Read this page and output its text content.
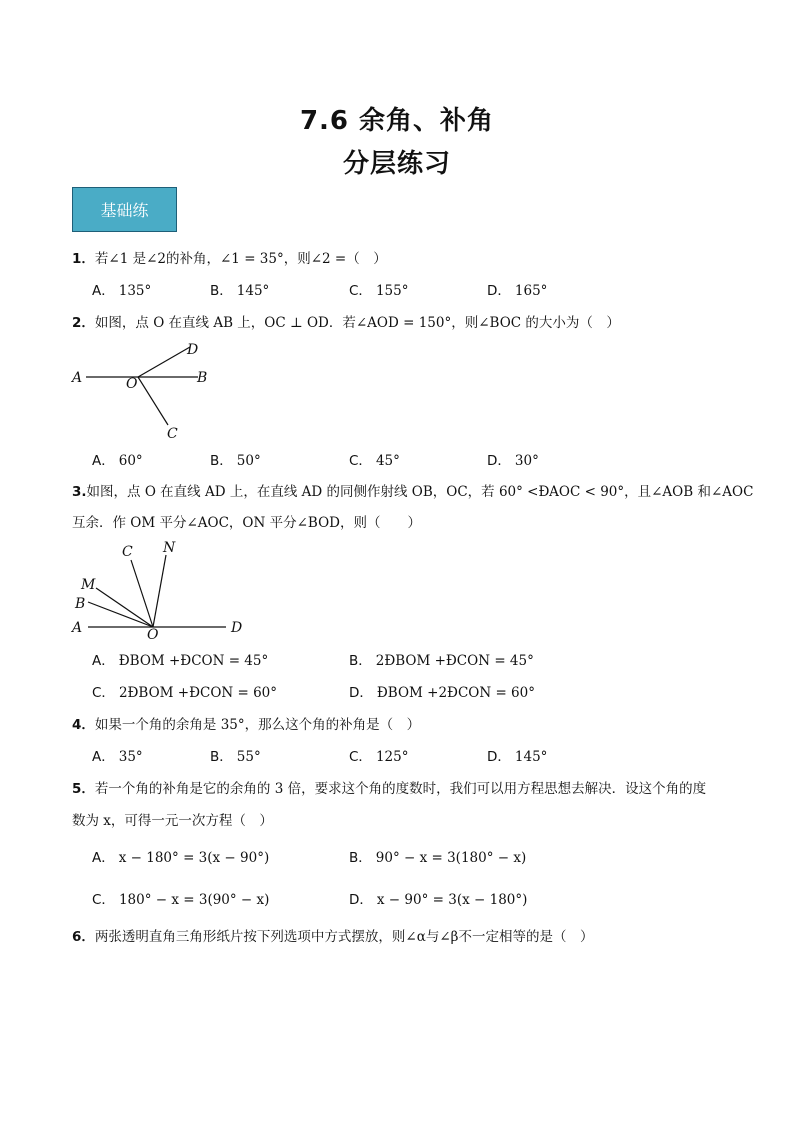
7.6 余角、补角
分层练习
基础练
1．若∠1 是∠2的补角，∠1 = 35°，则∠2 =（　）
A． 135°	B． 145°	C． 155°	D． 165°
2．如图，点 O 在直线 AB 上，OC ⊥ OD．若∠AOD = 150°，则∠BOC 的大小为（　）
A	B
O
D
C
A． 60°	B． 50°	C． 45°	D． 30°
3.如图，点 O 在直线 AD 上，在直线 AD 的同侧作射线 OB，OC，若 60° <ÐAOC < 90°，且∠AOB 和∠AOC
互余．作 OM 平分∠AOC，ON 平分∠BOD，则（　　）
C N
M
B
A	O	D
A． ÐBOM +ÐCON = 45°	B． 2ÐBOM +ÐCON = 45°
C． 2ÐBOM +ÐCON = 60°	D． ÐBOM +2ÐCON = 60°
4．如果一个角的余角是 35°，那么这个角的补角是（　）
A． 35°	B． 55°	C． 125°	D． 145°
5．若一个角的补角是它的余角的 3 倍，要求这个角的度数时，我们可以用方程思想去解决．设这个角的度
数为 x，可得一元一次方程（　）
A． x − 180° = 3(x − 90°)	B． 90° − x = 3(180° − x)
C． 180° − x = 3(90° − x)	D． x − 90° = 3(x − 180°)
6．两张透明直角三角形纸片按下列选项中方式摆放，则∠α与∠β不一定相等的是（　）
